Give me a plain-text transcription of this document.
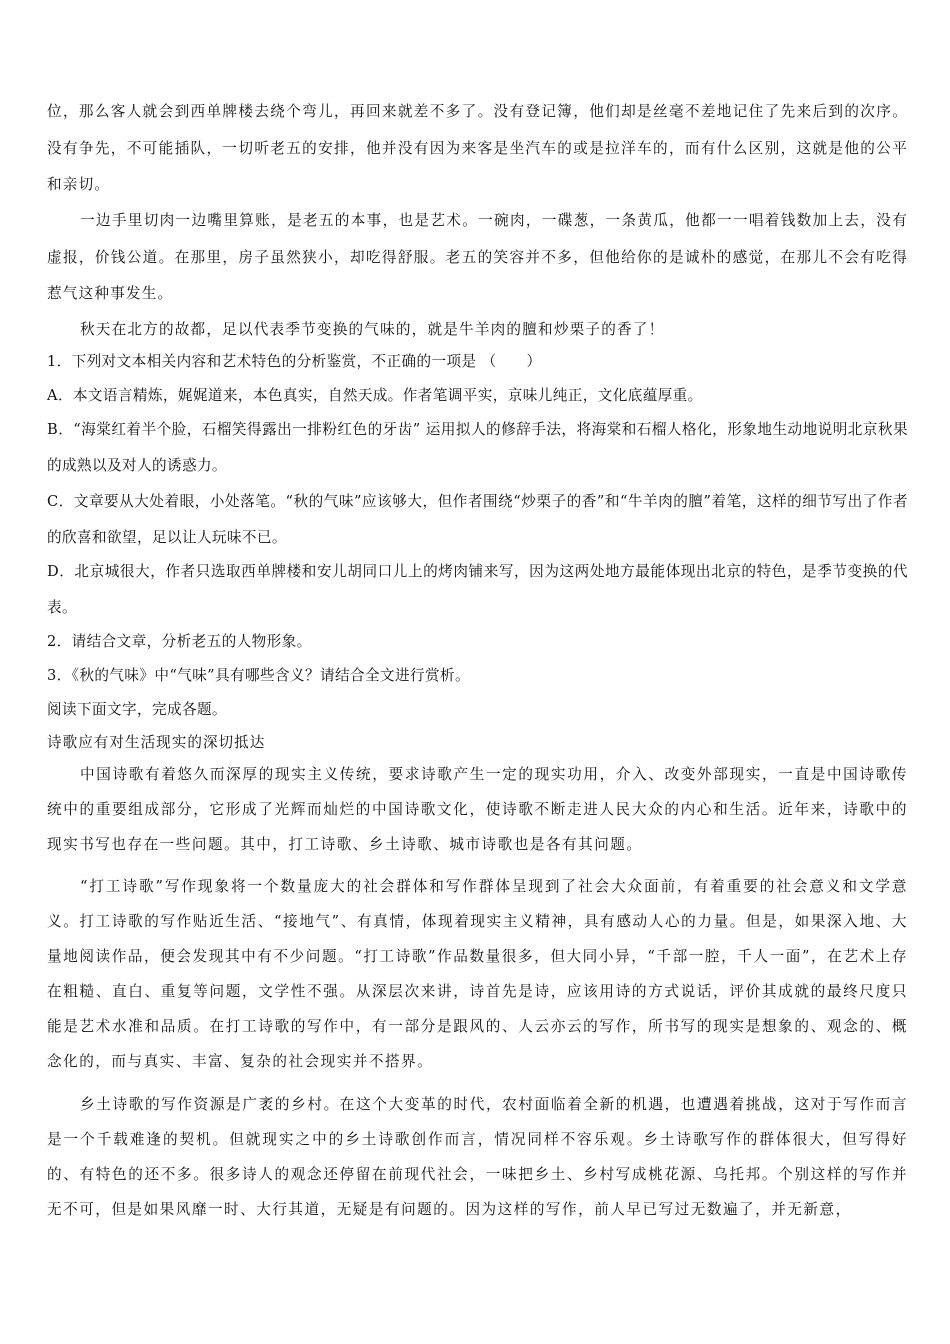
位，那么客人就会到西单牌楼去绕个弯儿，再回来就差不多了。没有登记簿，他们却是丝毫不差地记住了先来后到的次序。没有争先，不可能插队，一切听老五的安排，他并没有因为来客是坐汽车的或是拉洋车的，而有什么区别，这就是他的公平和亲切。

一边手里切肉一边嘴里算账，是老五的本事，也是艺术。一碗肉，一碟葱，一条黄瓜，他都一一唱着钱数加上去，没有虚报，价钱公道。在那里，房子虽然狭小，却吃得舒服。老五的笑容并不多，但他给你的是诚朴的感觉，在那儿不会有吃得惹气这种事发生。

秋天在北方的故都，足以代表季节变换的气味的，就是牛羊肉的膻和炒栗子的香了！

1．下列对文本相关内容和艺术特色的分析鉴赏，不正确的一项是 （　　）

A．本文语言精炼，娓娓道来，本色真实，自然天成。作者笔调平实，京味儿纯正，文化底蕴厚重。

B．“海棠红着半个脸，石榴笑得露出一排粉红色的牙齿” 运用拟人的修辞手法，将海棠和石榴人格化，形象地生动地说明北京秋果的成熟以及对人的诱惑力。

C．文章要从大处着眼，小处落笔。“秋的气味”应该够大，但作者围绕“炒栗子的香”和“牛羊肉的膻”着笔，这样的细节写出了作者的欣喜和欲望，足以让人玩味不已。

D．北京城很大，作者只选取西单牌楼和安儿胡同口儿上的烤肉铺来写，因为这两处地方最能体现出北京的特色，是季节变换的代表。

2．请结合文章，分析老五的人物形象。

3．《秋的气味》中“气味”具有哪些含义？请结合全文进行赏析。

阅读下面文字，完成各题。

诗歌应有对生活现实的深切抵达

中国诗歌有着悠久而深厚的现实主义传统，要求诗歌产生一定的现实功用，介入、改变外部现实，一直是中国诗歌传统中的重要组成部分，它形成了光辉而灿烂的中国诗歌文化，使诗歌不断走进人民大众的内心和生活。近年来，诗歌中的现实书写也存在一些问题。其中，打工诗歌、乡土诗歌、城市诗歌也是各有其问题。

“打工诗歌”写作现象将一个数量庞大的社会群体和写作群体呈现到了社会大众面前，有着重要的社会意义和文学意义。打工诗歌的写作贴近生活、“接地气”、有真情，体现着现实主义精神，具有感动人心的力量。但是，如果深入地、大量地阅读作品，便会发现其中有不少问题。“打工诗歌”作品数量很多，但大同小异，“千部一腔，千人一面”，在艺术上存在粗糙、直白、重复等问题，文学性不强。从深层次来讲，诗首先是诗，应该用诗的方式说话，评价其成就的最终尺度只能是艺术水准和品质。在打工诗歌的写作中，有一部分是跟风的、人云亦云的写作，所书写的现实是想象的、观念的、概念化的，而与真实、丰富、复杂的社会现实并不搭界。

乡土诗歌的写作资源是广袤的乡村。在这个大变革的时代，农村面临着全新的机遇，也遭遇着挑战，这对于写作而言是一个千载难逢的契机。但就现实之中的乡土诗歌创作而言，情况同样不容乐观。乡土诗歌写作的群体很大，但写得好的、有特色的还不多。很多诗人的观念还停留在前现代社会，一味把乡土、乡村写成桃花源、乌托邦。个别这样的写作并无不可，但是如果风靡一时、大行其道，无疑是有问题的。因为这样的写作，前人早已写过无数遍了，并无新意，
